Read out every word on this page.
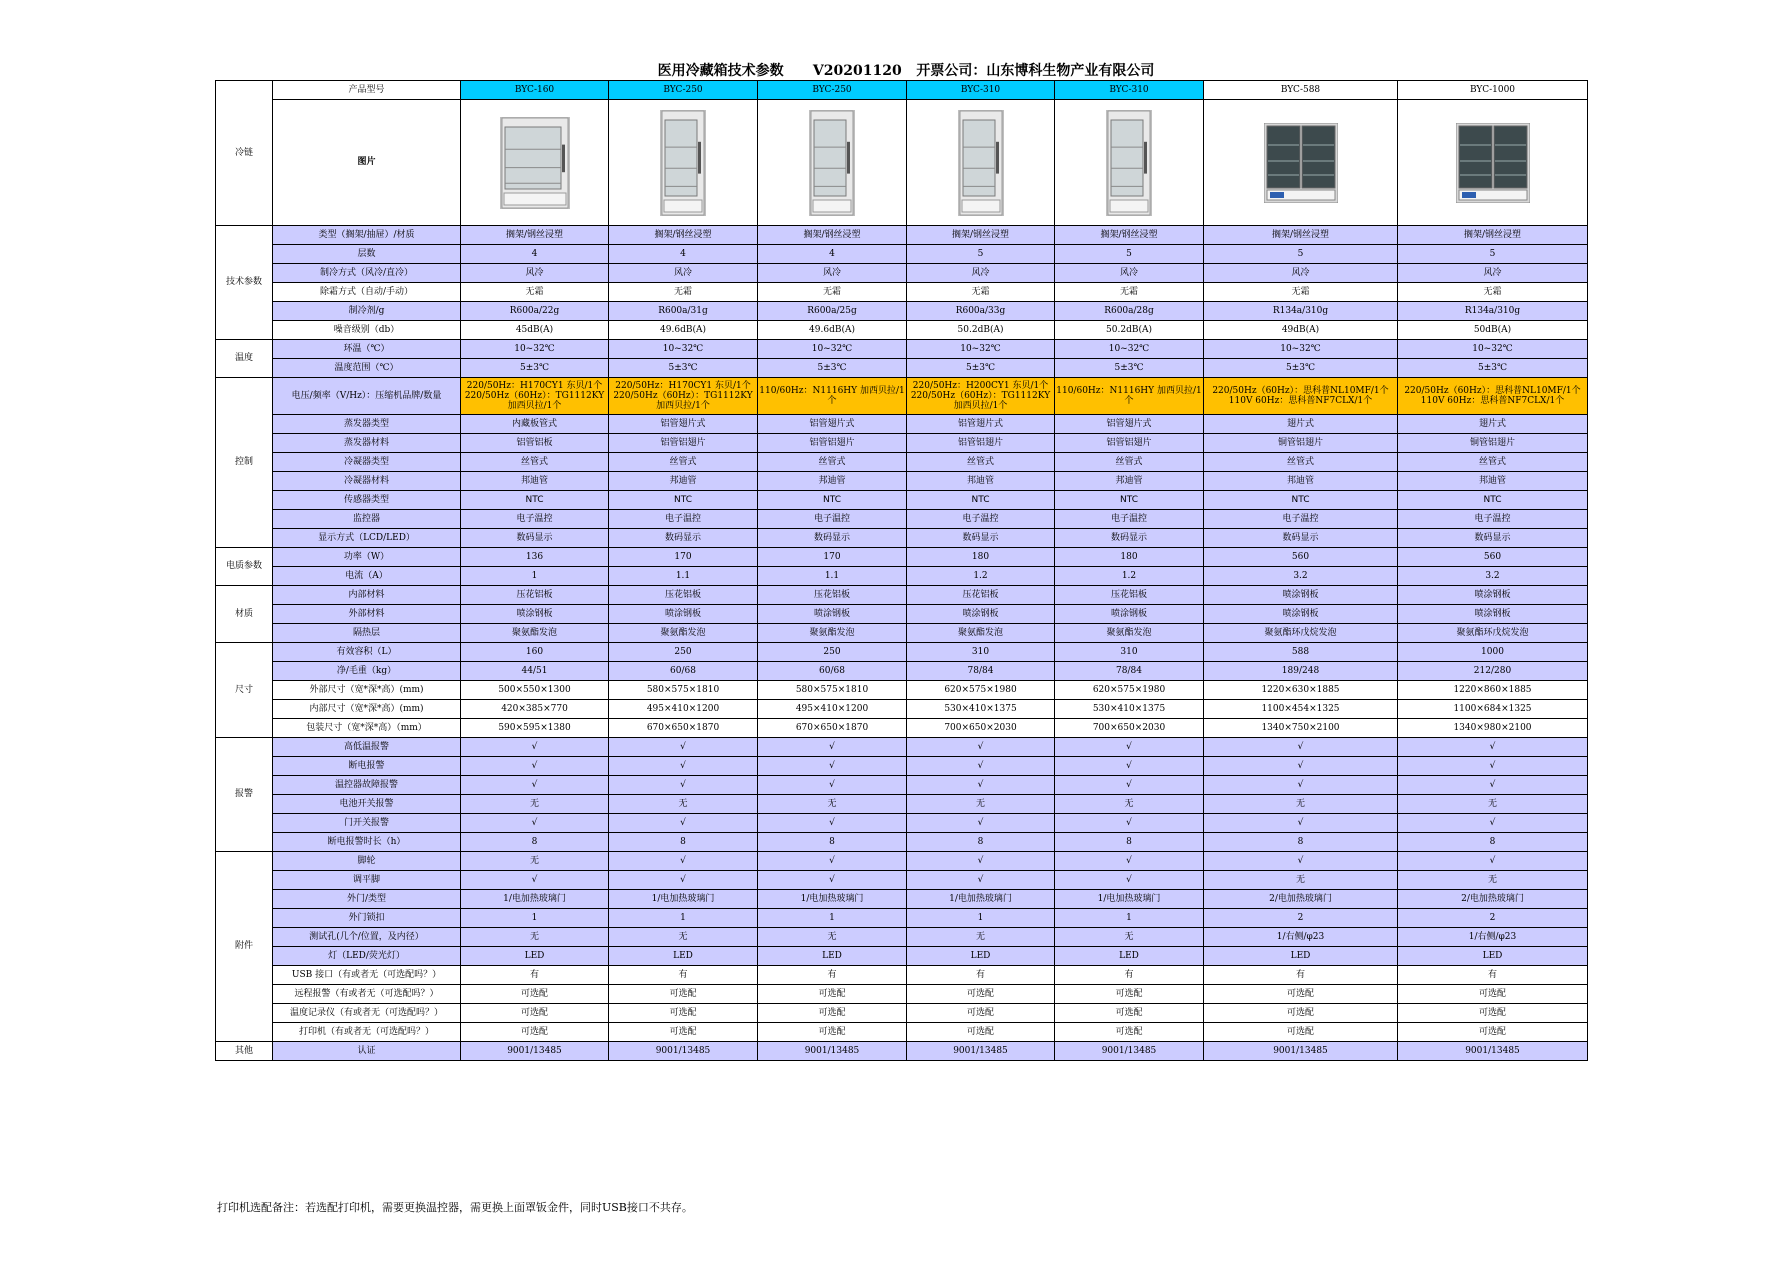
医用冷藏箱技术参数      V20201120   开票公司：山东博科生物产业有限公司
冷链	产品型号	BYC-160	BYC-250	BYC-250	BYC-310	BYC-310	BYC-588	BYC-1000
	图片	

技术参数	类型（搁架/抽屉）/材质	搁架/钢丝浸塑	搁架/钢丝浸塑	搁架/钢丝浸塑	搁架/钢丝浸塑	搁架/钢丝浸塑	搁架/钢丝浸塑	搁架/钢丝浸塑
	层数	4	4	4	5	5	5	5
	制冷方式（风冷/直冷）	风冷	风冷	风冷	风冷	风冷	风冷	风冷
	除霜方式（自动/手动）	无霜	无霜	无霜	无霜	无霜	无霜	无霜
	制冷剂/g	R600a/22g	R600a/31g	R600a/25g	R600a/33g	R600a/28g	R134a/310g	R134a/310g
	噪音级别（db）	45dB(A)	49.6dB(A)	49.6dB(A)	50.2dB(A)	50.2dB(A)	49dB(A)	50dB(A)
温度	环温（℃）	10~32℃	10~32℃	10~32℃	10~32℃	10~32℃	10~32℃	10~32℃
	温度范围（℃）	5±3℃	5±3℃	5±3℃	5±3℃	5±3℃	5±3℃	5±3℃
控制	电压/频率（V/Hz）：压缩机品牌/数量	220/50Hz：H170CY1 东贝/1个 220/50Hz（60Hz）：TG1112KY 加西贝拉/1个	220/50Hz：H170CY1 东贝/1个 220/50Hz（60Hz）：TG1112KY 加西贝拉/1个	110/60Hz：N1116HY 加西贝拉/1个	220/50Hz：H200CY1 东贝/1个 220/50Hz（60Hz）：TG1112KY 加西贝拉/1个	110/60Hz：N1116HY 加西贝拉/1个	220/50Hz（60Hz）：思科普NL10MF/1个 110V 60Hz：思科普NF7CLX/1个	220/50Hz（60Hz）：思科普NL10MF/1个 110V 60Hz：思科普NF7CLX/1个
	蒸发器类型	内藏板管式	铝管翅片式	铝管翅片式	铝管翅片式	铝管翅片式	翅片式	翅片式
	蒸发器材料	铝管铝板	铝管铝翅片	铝管铝翅片	铝管铝翅片	铝管铝翅片	铜管铝翅片	铜管铝翅片
	冷凝器类型	丝管式	丝管式	丝管式	丝管式	丝管式	丝管式	丝管式
	冷凝器材料	邦迪管	邦迪管	邦迪管	邦迪管	邦迪管	邦迪管	邦迪管
	传感器类型	NTC	NTC	NTC	NTC	NTC	NTC	NTC
	监控器	电子温控	电子温控	电子温控	电子温控	电子温控	电子温控	电子温控
	显示方式（LCD/LED）	数码显示	数码显示	数码显示	数码显示	数码显示	数码显示	数码显示
电质参数	功率（W）	136	170	170	180	180	560	560
	电流（A）	1	1.1	1.1	1.2	1.2	3.2	3.2
材质	内部材料	压花铝板	压花铝板	压花铝板	压花铝板	压花铝板	喷涂钢板	喷涂钢板
	外部材料	喷涂钢板	喷涂钢板	喷涂钢板	喷涂钢板	喷涂钢板	喷涂钢板	喷涂钢板
	隔热层	聚氨酯发泡	聚氨酯发泡	聚氨酯发泡	聚氨酯发泡	聚氨酯发泡	聚氨酯环戊烷发泡	聚氨酯环戊烷发泡
尺寸	有效容积（L）	160	250	250	310	310	588	1000
	净/毛重（kg）	44/51	60/68	60/68	78/84	78/84	189/248	212/280
	外部尺寸（宽*深*高）(mm)	500×550×1300	580×575×1810	580×575×1810	620×575×1980	620×575×1980	1220×630×1885	1220×860×1885
	内部尺寸（宽*深*高）(mm)	420×385×770	495×410×1200	495×410×1200	530×410×1375	530×410×1375	1100×454×1325	1100×684×1325
	包装尺寸（宽*深*高）（mm）	590×595×1380	670×650×1870	670×650×1870	700×650×2030	700×650×2030	1340×750×2100	1340×980×2100
报警	高低温报警	√	√	√	√	√	√	√
	断电报警	√	√	√	√	√	√	√
	温控器故障报警	√	√	√	√	√	√	√
	电池开关报警	无	无	无	无	无	无	无
	门开关报警	√	√	√	√	√	√	√
	断电报警时长（h）	8	8	8	8	8	8	8
附件	脚轮	无	√	√	√	√	√	√
	调平脚	√	√	√	√	√	无	无
	外门/类型	1/电加热玻璃门	1/电加热玻璃门	1/电加热玻璃门	1/电加热玻璃门	1/电加热玻璃门	2/电加热玻璃门	2/电加热玻璃门
	外门锁扣	1	1	1	1	1	2	2
	测试孔(几个/位置，及内径）	无	无	无	无	无	1/右侧/φ23	1/右侧/φ23
	灯（LED/荧光灯）	LED	LED	LED	LED	LED	LED	LED
	USB 接口（有或者无（可选配吗？）	有	有	有	有	有	有	有
	远程报警（有或者无（可选配吗？）	可选配	可选配	可选配	可选配	可选配	可选配	可选配
	温度记录仪（有或者无（可选配吗？）	可选配	可选配	可选配	可选配	可选配	可选配	可选配
	打印机（有或者无（可选配吗？）	可选配	可选配	可选配	可选配	可选配	可选配	可选配
其他	认证	9001/13485	9001/13485	9001/13485	9001/13485	9001/13485	9001/13485	9001/13485
打印机选配备注：若选配打印机，需要更换温控器，需更换上面罩钣金件，同时USB接口不共存。
